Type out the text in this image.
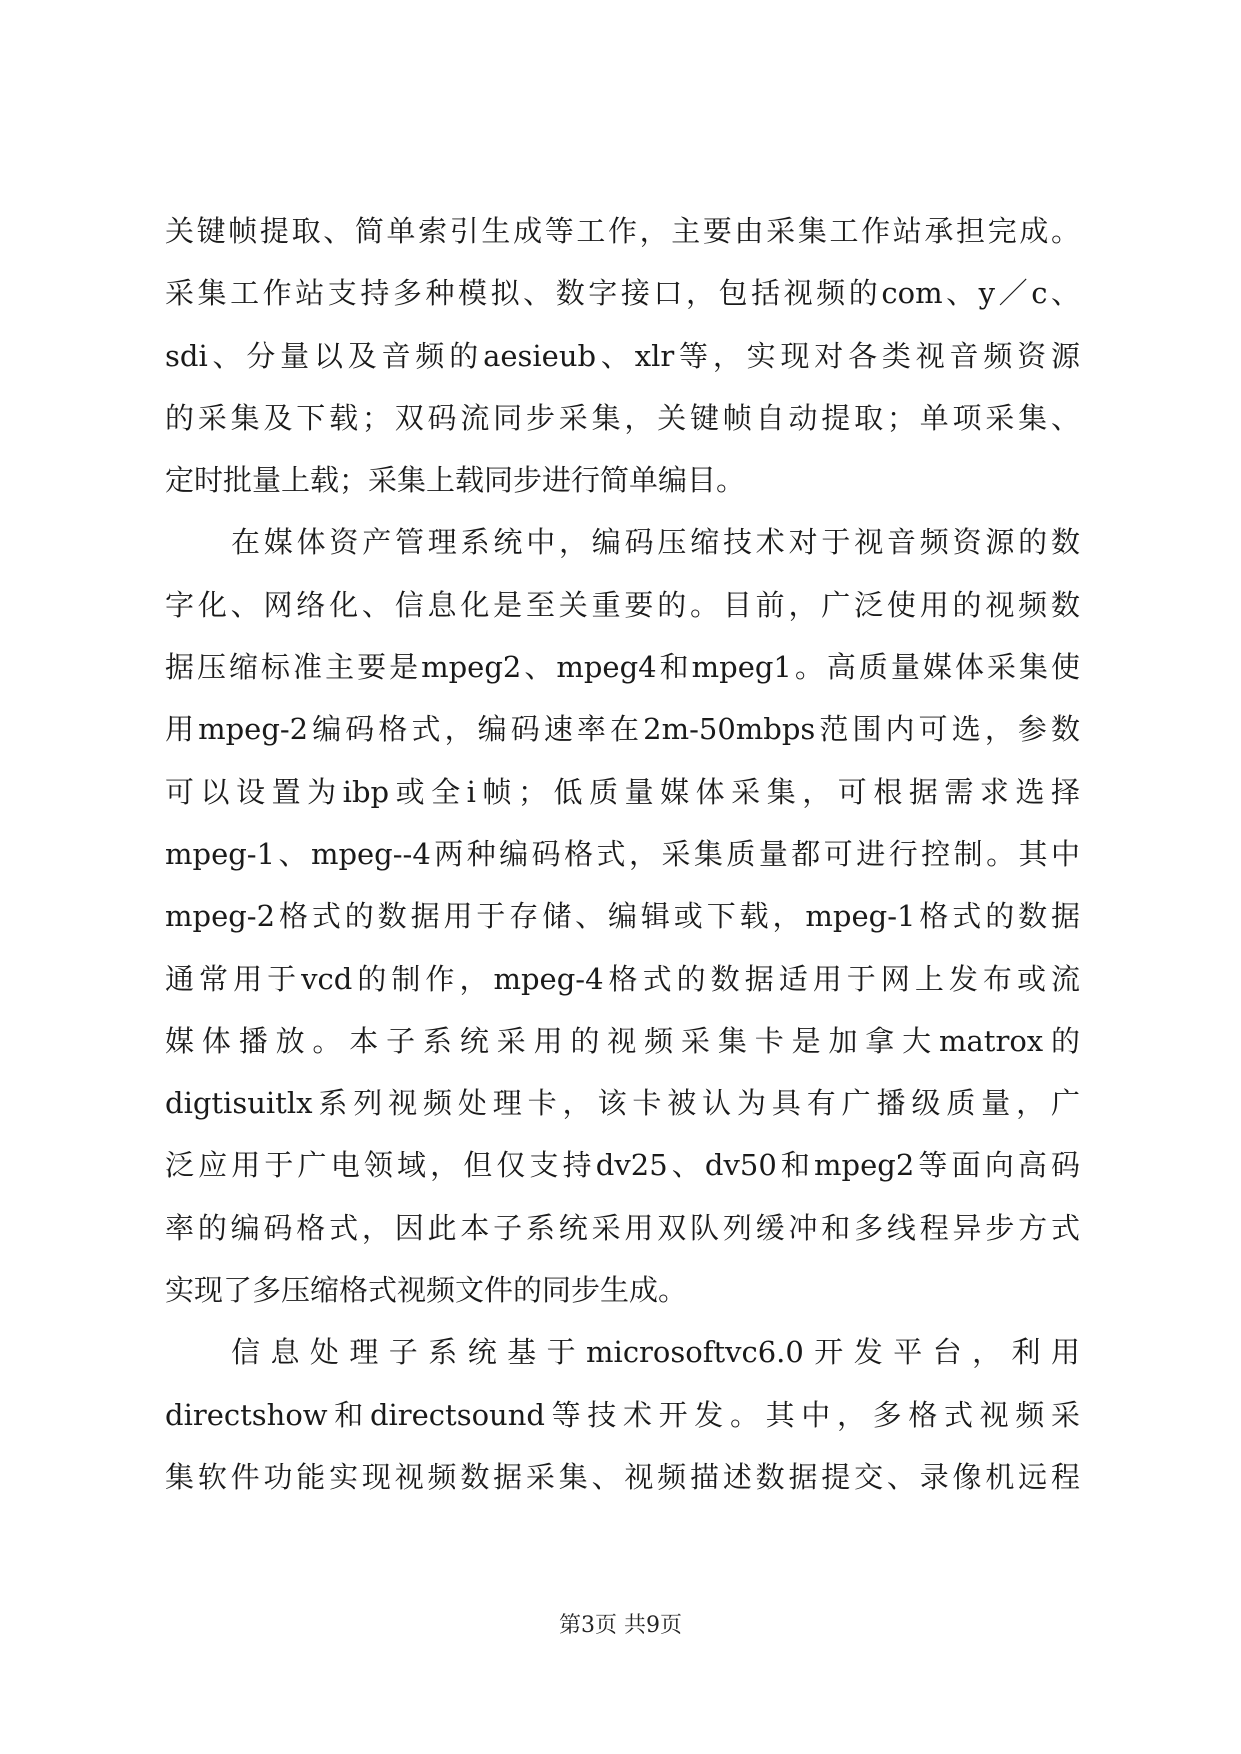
关键帧提取、简单索引生成等工作，主要由采集工作站承担完成。
采集工作站支持多种模拟、数字接口，包括视频的com、y／c、
sdi、分量以及音频的aesieub、xlr等，实现对各类视音频资源
的采集及下载；双码流同步采集，关键帧自动提取；单项采集、
定时批量上载；采集上载同步进行简单编目。
在媒体资产管理系统中，编码压缩技术对于视音频资源的数
字化、网络化、信息化是至关重要的。目前，广泛使用的视频数
据压缩标准主要是mpeg2、mpeg4和mpeg1。高质量媒体采集使
用mpeg-2编码格式，编码速率在2m-50mbps范围内可选，参数
可以设置为ibp或全i帧；低质量媒体采集，可根据需求选择
mpeg-1、mpeg--4两种编码格式，采集质量都可进行控制。其中
mpeg-2格式的数据用于存储、编辑或下载，mpeg-1格式的数据
通常用于vcd的制作，mpeg-4格式的数据适用于网上发布或流
媒体播放。本子系统采用的视频采集卡是加拿大matrox的
digtisuitlx系列视频处理卡，该卡被认为具有广播级质量，广
泛应用于广电领域，但仅支持dv25、dv50和mpeg2等面向高码
率的编码格式，因此本子系统采用双队列缓冲和多线程异步方式
实现了多压缩格式视频文件的同步生成。
信息处理子系统基于microsoftvc6.0开发平台，利用
directshow和directsound等技术开发。其中，多格式视频采
集软件功能实现视频数据采集、视频描述数据提交、录像机远程
第3页 共9页
